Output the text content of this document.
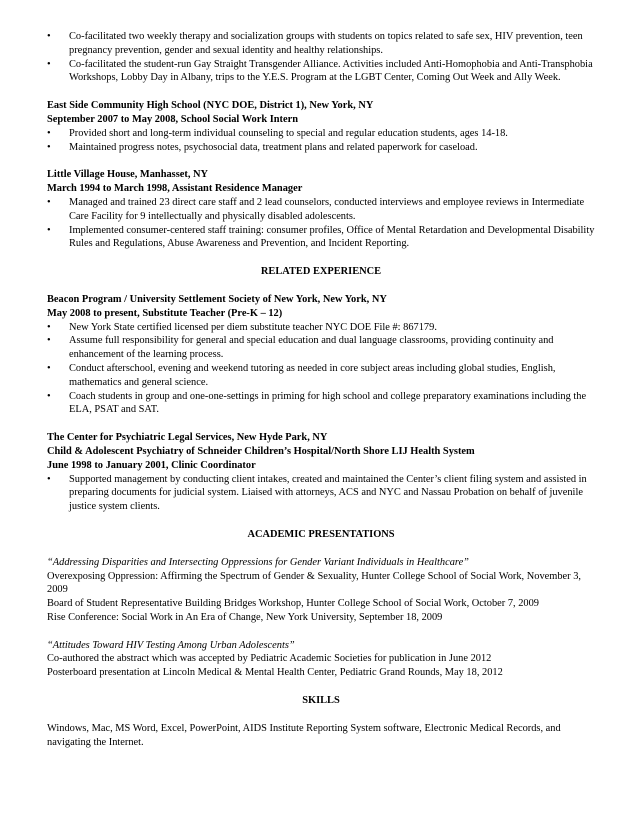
• Co-facilitated two weekly therapy and socialization groups with students on topics related to safe sex, HIV prevention, teen pregnancy prevention, gender and sexual identity and healthy relationships.
• Co-facilitated the student-run Gay Straight Transgender Alliance. Activities included Anti-Homophobia and Anti-Transphobia Workshops, Lobby Day in Albany, trips to the Y.E.S. Program at the LGBT Center, Coming Out Week and Ally Week.

East Side Community High School (NYC DOE, District 1), New York, NY

September 2007 to May 2008, School Social Work Intern

• Provided short and long-term individual counseling to special and regular education students, ages 14-18.
• Maintained progress notes, psychosocial data, treatment plans and related paperwork for caseload.

Little Village House, Manhasset, NY

March 1994 to March 1998, Assistant Residence Manager

• Managed and trained 23 direct care staff and 2 lead counselors, conducted interviews and employee reviews in Intermediate Care Facility for 9 intellectually and physically disabled adolescents.
• Implemented consumer-centered staff training: consumer profiles, Office of Mental Retardation and Developmental Disability Rules and Regulations, Abuse Awareness and Prevention, and Incident Reporting.

RELATED EXPERIENCE

Beacon Program / University Settlement Society of New York, New York, NY

May 2008 to present, Substitute Teacher (Pre-K – 12)

• New York State certified licensed per diem substitute teacher NYC DOE File #: 867179.
• Assume full responsibility for general and special education and dual language classrooms, providing continuity and enhancement of the learning process.
• Conduct afterschool, evening and weekend tutoring as needed in core subject areas including global studies, English, mathematics and general science.
• Coach students in group and one-one-settings in priming for high school and college preparatory examinations including the ELA, PSAT and SAT.

The Center for Psychiatric Legal Services, New Hyde Park, NY

Child & Adolescent Psychiatry of Schneider Children’s Hospital/North Shore LIJ Health System

June 1998 to January 2001, Clinic Coordinator

• Supported management by conducting client intakes, created and maintained the Center’s client filing system and assisted in preparing documents for judicial system. Liaised with attorneys, ACS and NYC and Nassau Probation on behalf of juvenile justice system clients.

ACADEMIC PRESENTATIONS

“Addressing Disparities and Intersecting Oppressions for Gender Variant Individuals in Healthcare”

Overexposing Oppression: Affirming the Spectrum of Gender & Sexuality, Hunter College School of Social Work, November 3, 2009

Board of Student Representative Building Bridges Workshop, Hunter College School of Social Work, October 7, 2009

Rise Conference: Social Work in An Era of Change, New York University, September 18, 2009

“Attitudes Toward HIV Testing Among Urban Adolescents”

Co-authored the abstract which was accepted by Pediatric Academic Societies for publication in June 2012

Posterboard presentation at Lincoln Medical & Mental Health Center, Pediatric Grand Rounds, May 18, 2012

SKILLS

Windows, Mac, MS Word, Excel, PowerPoint, AIDS Institute Reporting System software, Electronic Medical Records, and navigating the Internet.
